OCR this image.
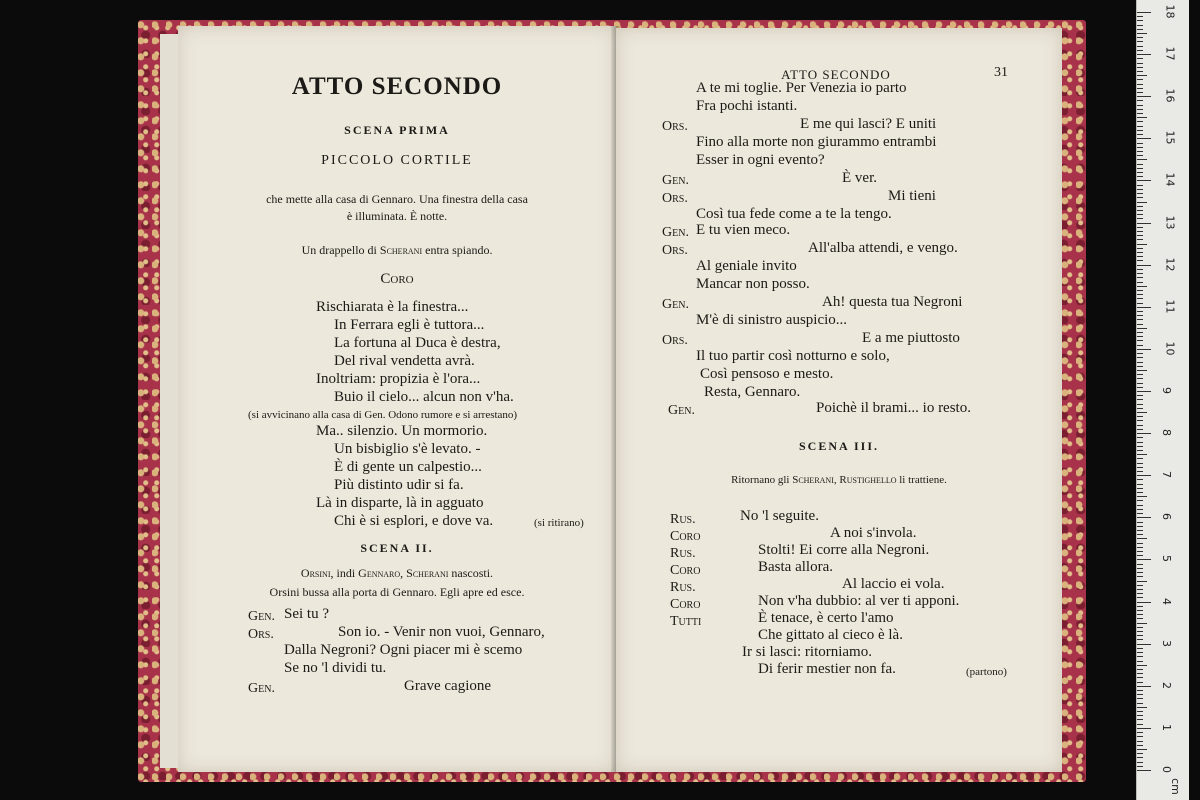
ATTO SECONDO
SCENA PRIMA
PICCOLO CORTILE
che mette alla casa di Gennaro. Una finestra della casa
è illuminata. È notte.
Un drappello di Scherani entra spiando.
Coro
Rischiarata è la finestra...
In Ferrara egli è tuttora...
La fortuna al Duca è destra,
Del rival vendetta avrà.
Inoltriam: propizia è l'ora...
Buio il cielo... alcun non v'ha.
(si avvicinano alla casa di Gen. Odono rumore e si arrestano)
Ma.. silenzio. Un mormorio.
Un bisbiglio s'è levato. -
È di gente un calpestio...
Più distinto udir si fa.
Là in disparte, là in agguato
Chi è si esplori, e dove va.	(si ritirano)
SCENA II.
Orsini, indi Gennaro, Scherani nascosti.
Orsini bussa alla porta di Gennaro. Egli apre ed esce.
Gen. Sei tu ?
Ors.	Son io. - Venir non vuoi, Gennaro,
Dalla Negroni? Ogni piacer mi è scemo
Se no 'l dividi tu.
Gen.	Grave cagione
ATTO SECONDO	31
A te mi toglie. Per Venezia io parto
Fra pochi istanti.
Ors.	E me qui lasci? E uniti
Fino alla morte non giurammo entrambi
Esser in ogni evento?
Gen.	È ver.
Ors.	Mi tieni
Così tua fede come a te la tengo.
Gen. E tu vien meco.
Ors.	All'alba attendi, e vengo.
Al geniale invito
Mancar non posso.
Gen.	Ah! questa tua Negroni
M'è di sinistro auspicio...
Ors.	E a me piuttosto
Il tuo partir così notturno e solo,
Così pensoso e mesto.
Resta, Gennaro.
Gen.	Poichè il brami... io resto.
SCENA III.
Ritornano gli Scherani, Rustighello li trattiene.
Rus.	No 'l seguite.
Coro	A noi s'invola.
Rus.	Stolti! Ei corre alla Negroni.
Coro	Basta allora.
Rus.	Al laccio ei vola.
Coro	Non v'ha dubbio: al ver ti apponi.
Tutti	È tenace, è certo l'amo
Che gittato al cieco è là.
Ir si lasci: ritorniamo.
Di ferir mestier non fa.	(partono)
18
17
16
15
14
13
12
11
10
9
8
7
6
5
4
3
2
1
0
cm
